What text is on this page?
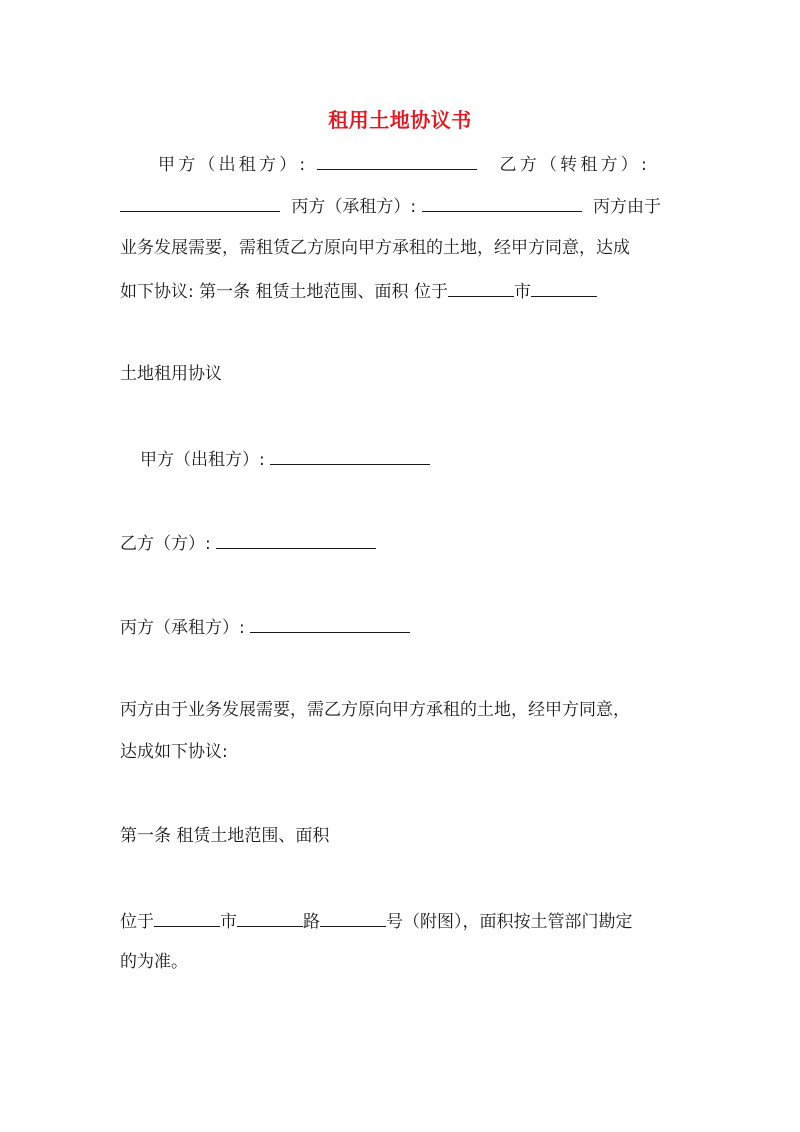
租用土地协议书
甲方（出租方）:	乙方（转租方）:
丙方（承租方）:	丙方由于
业务发展需要，需租赁乙方原向甲方承租的土地，经甲方同意，达成
如下协议: 第一条 租赁土地范围、面积 位于	市
土地租用协议
甲方（出租方）:
乙方（方）:
丙方（承租方）:
丙方由于业务发展需要，需乙方原向甲方承租的土地，经甲方同意，
达成如下协议:
第一条 租赁土地范围、面积
位于	市	路	号（附图），面积按土管部门勘定
的为准。
